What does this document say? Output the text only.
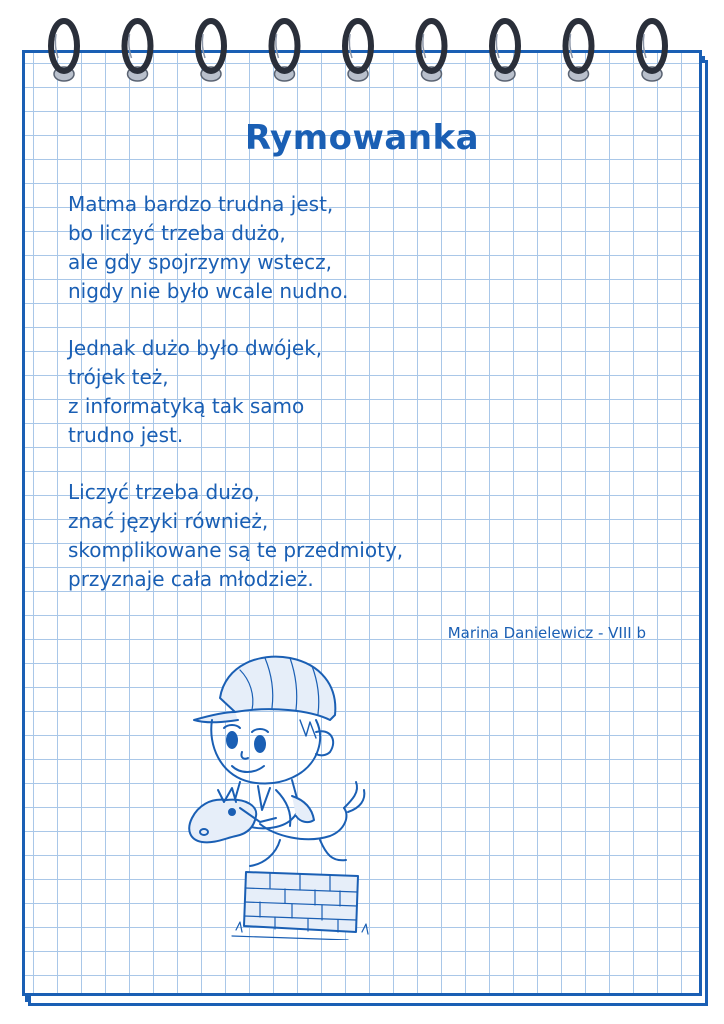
Rymowanka
Matma bardzo trudna jest,
bo liczyć trzeba dużo,
ale gdy spojrzymy wstecz,
nigdy nie było wcale nudno.
Jednak dużo było dwójek,
trójek też,
z informatyką tak samo
trudno jest.
Liczyć trzeba dużo,
znać języki również,
skomplikowane są te przedmioty,
przyznaje cała młodzież.
Marina Danielewicz - VIII b
